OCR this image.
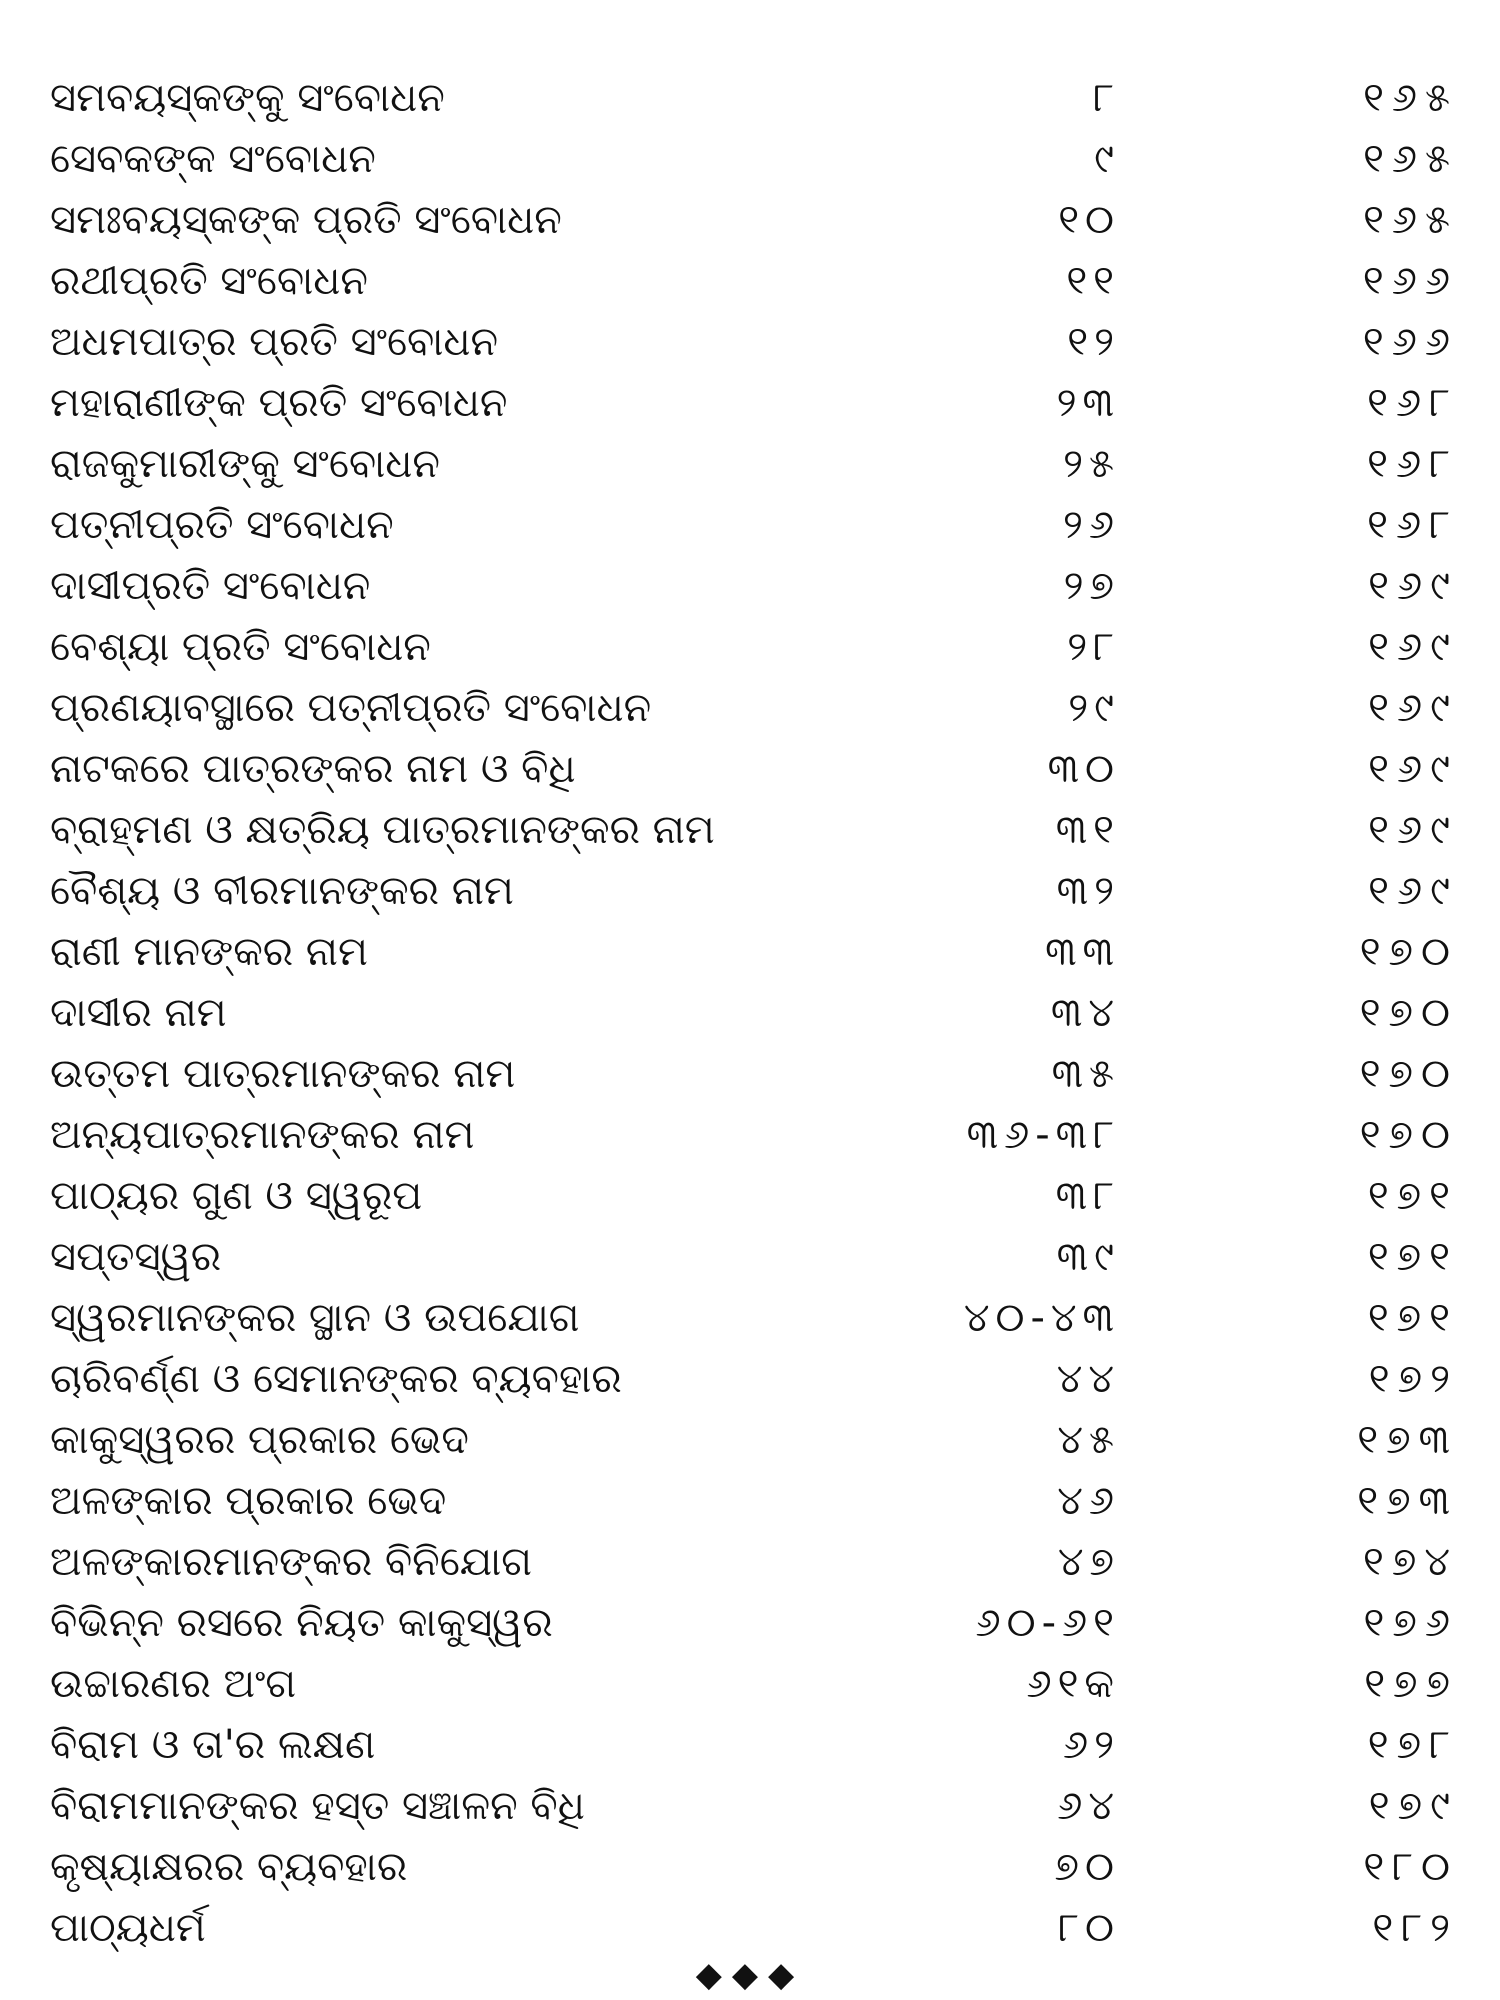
ସମବୟସ୍କଙ୍କୁ ସଂବୋଧନ	୮	୧୬୫
ସେବକଙ୍କ ସଂବୋଧନ	୯	୧୬୫
ସମଃବୟସ୍କଙ୍କ ପ୍ରତି ସଂବୋଧନ	୧୦	୧୬୫
ରଥୀପ୍ରତି ସଂବୋଧନ	୧୧	୧୬୬
ଅଧମପାତ୍ର ପ୍ରତି ସଂବୋଧନ	୧୨	୧୬୬
ମହାରାଣୀଙ୍କ ପ୍ରତି ସଂବୋଧନ	୨୩	୧୬୮
ରାଜକୁମାରୀଙ୍କୁ ସଂବୋଧନ	୨୫	୧୬୮
ପତ୍ନୀପ୍ରତି ସଂବୋଧନ	୨୬	୧୬୮
ଦାସୀପ୍ରତି ସଂବୋଧନ	୨୭	୧୬୯
ବେଶ୍ୟା ପ୍ରତି ସଂବୋଧନ	୨୮	୧୬୯
ପ୍ରଣୟାବସ୍ଥାରେ ପତ୍ନୀପ୍ରତି ସଂବୋଧନ	୨୯	୧୬୯
ନାଟକରେ ପାତ୍ରଙ୍କର ନାମ ଓ ବିଧି	୩୦	୧୬୯
ବ୍ରାହ୍ମଣ ଓ କ୍ଷତ୍ରିୟ ପାତ୍ରମାନଙ୍କର ନାମ	୩୧	୧୬୯
ବୈଶ୍ୟ ଓ ବୀରମାନଙ୍କର ନାମ	୩୨	୧୬୯
ରାଣୀ ମାନଙ୍କର ନାମ	୩୩	୧୭୦
ଦାସୀର ନାମ	୩୪	୧୭୦
ଉତ୍ତମ ପାତ୍ରମାନଙ୍କର ନାମ	୩୫	୧୭୦
ଅନ୍ୟପାତ୍ରମାନଙ୍କର ନାମ	୩୬-୩୮	୧୭୦
ପାଠ୍ୟର ଗୁଣ ଓ ସ୍ୱରୂପ	୩୮	୧୭୧
ସପ୍ତସ୍ୱର	୩୯	୧୭୧
ସ୍ୱରମାନଙ୍କର ସ୍ଥାନ ଓ ଉପଯୋଗ	୪୦-୪୩	୧୭୧
ଚାରିବର୍ଣ୍ଣ ଓ ସେମାନଙ୍କର ବ୍ୟବହାର	୪୪	୧୭୨
କାକୁସ୍ୱରର ପ୍ରକାର ଭେଦ	୪୫	୧୭୩
ଅଳଙ୍କାର ପ୍ରକାର ଭେଦ	୪୬	୧୭୩
ଅଳଙ୍କାରମାନଙ୍କର ବିନିଯୋଗ	୪୭	୧୭୪
ବିଭିନ୍ନ ରସରେ ନିୟତ କାକୁସ୍ୱର	୬୦-୬୧	୧୭୬
ଉଚ୍ଚାରଣର ଅଂଗ	୬୧କ	୧୭୭
ବିରାମ ଓ ତା'ର ଲକ୍ଷଣ	୬୨	୧୭୮
ବିରାମମାନଙ୍କର ହସ୍ତ ସଞ୍ଚାଳନ ବିଧି	୬୪	୧୭୯
କୃଷ୍ୟାକ୍ଷରର ବ୍ୟବହାର	୭୦	୧୮୦
ପାଠ୍ୟଧର୍ମ	୮୦	୧୮୨
◆◆◆
